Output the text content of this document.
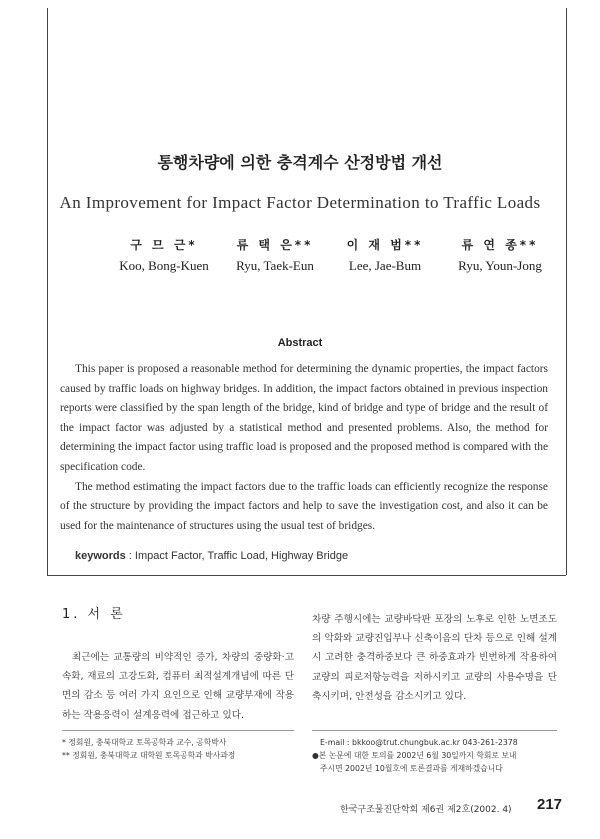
통행차량에 의한 충격계수 산정방법 개선
An Improvement for Impact Factor Determination to Traffic Loads
구 므 근*
Koo, Bong-Kuen
류 택 은**
Ryu, Taek-Eun
이 재 범**
Lee, Jae-Bum
류 연 종**
Ryu, Youn-Jong
Abstract

This paper is proposed a reasonable method for determining the dynamic properties, the impact factors caused by traffic loads on highway bridges. In addition, the impact factors obtained in previous inspection reports were classified by the span length of the bridge, kind of bridge and type of bridge and the result of the impact factor was adjusted by a statistical method and presented problems. Also, the method for determining the impact factor using traffic load is proposed and the proposed method is compared with the specification code.

The method estimating the impact factors due to the traffic loads can efficiently recognize the response of the structure by providing the impact factors and help to save the investigation cost, and also it can be used for the maintenance of structures using the usual test of bridges.

keywords : Impact Factor, Traffic Load, Highway Bridge
1. 서 론

최근에는 교통량의 비약적인 증가, 차량의 중량화·고속화, 재료의 고강도화, 컴퓨터 최적설계개념에 따른 단면의 감소 등 여러 가지 요인으로 인해 교량부재에 작용하는 작용응력이 설계응력에 접근하고 있다.

차량 주행시에는 교량바닥판 포장의 노후로 인한 노면조도의 악화와 교량진입부나 신축이음의 단차 등으로 인해 설계시 고려한 충격하중보다 큰 하중효과가 빈번하게 작용하여 교량의 피로저항능력을 저하시키고 교량의 사용수명을 단축시키며, 안전성을 감소시키고 있다.

* 정회원, 충북대학교 토목공학과 교수, 공학박사
** 정회원, 충북대학교 대학원 토목공학과 박사과정
E-mail : bkkoo@trut.chungbuk.ac.kr 043-261-2378
●본 논문에 대한 토의를 2002년 6월 30일까지 학회로 보내
주시면 2002년 10월호에 토론결과를 게재하겠습니다
한국구조물진단학회 제6권 제2호(2002. 4) 217
